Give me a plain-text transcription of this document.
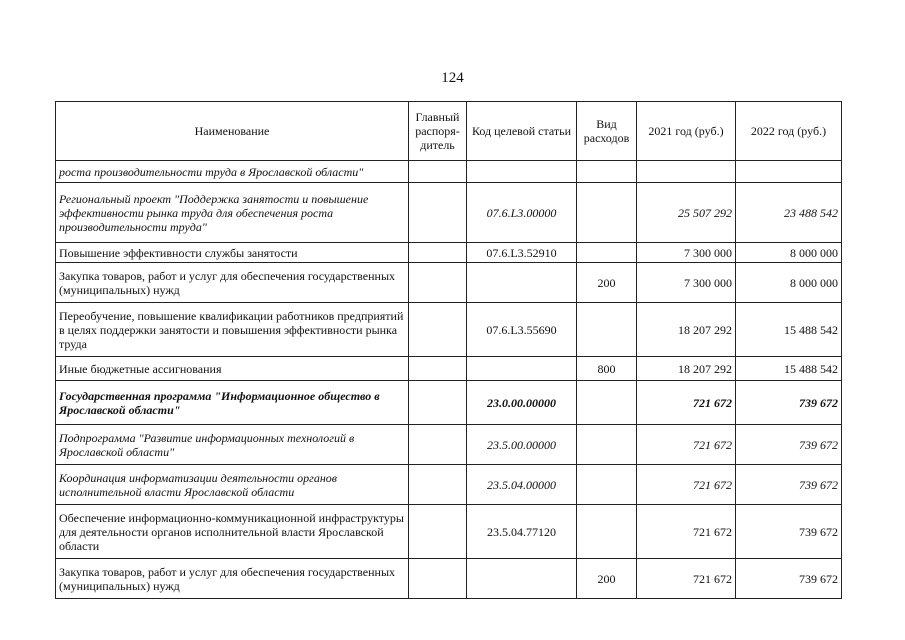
124
Наименование	Главный распоря-дитель	Код целевой статьи	Вид расходов	2021 год (руб.)	2022 год (руб.)
роста производительности труда в Ярославской области"					
Региональный проект "Поддержка занятости и повышение эффективности рынка труда для обеспечения роста производительности труда"		07.6.L3.00000		25 507 292	23 488 542
Повышение эффективности службы занятости		07.6.L3.52910		7 300 000	8 000 000
Закупка товаров, работ и услуг для обеспечения государственных (муниципальных) нужд			200	7 300 000	8 000 000
Переобучение, повышение квалификации работников предприятий в целях поддержки занятости и повышения эффективности рынка труда		07.6.L3.55690		18 207 292	15 488 542
Иные бюджетные ассигнования			800	18 207 292	15 488 542
Государственная программа "Информационное общество в Ярославской области"		23.0.00.00000		721 672	739 672
Подпрограмма "Развитие информационных технологий в Ярославской области"		23.5.00.00000		721 672	739 672
Координация информатизации деятельности органов исполнительной власти Ярославской области		23.5.04.00000		721 672	739 672
Обеспечение информационно-коммуникационной инфраструктуры для деятельности органов исполнительной власти Ярославской области		23.5.04.77120		721 672	739 672
Закупка товаров, работ и услуг для обеспечения государственных (муниципальных) нужд			200	721 672	739 672
